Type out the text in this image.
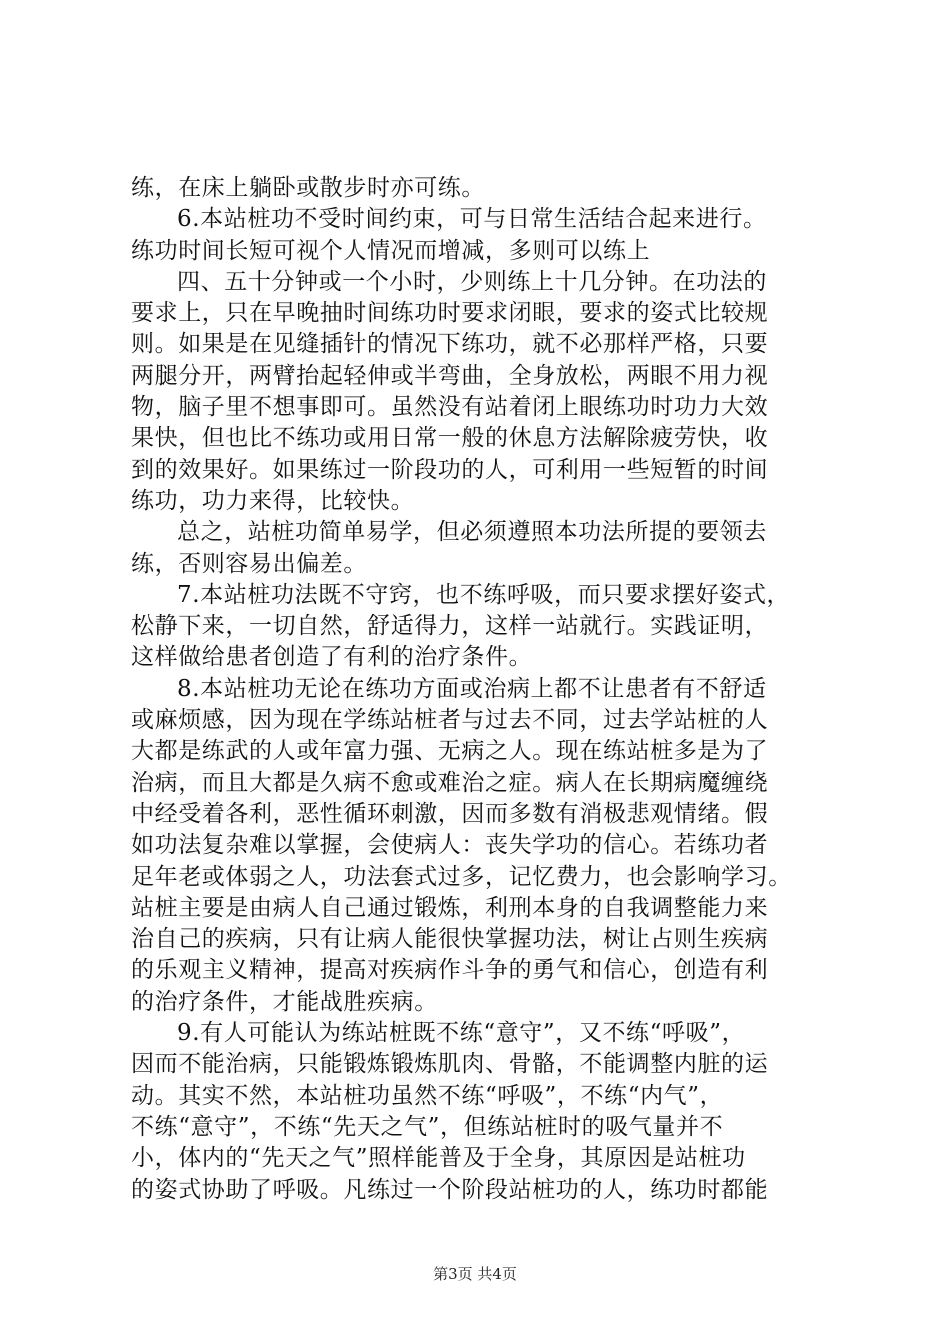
练，在床上躺卧或散步时亦可练。
6.本站桩功不受时间约束，可与日常生活结合起来进行。
练功时间长短可视个人情况而增减，多则可以练上
四、五十分钟或一个小时，少则练上十几分钟。在功法的
要求上，只在早晚抽时间练功时要求闭眼，要求的姿式比较规
则。如果是在见缝插针的情况下练功，就不必那样严格，只要
两腿分开，两臂抬起轻伸或半弯曲，全身放松，两眼不用力视
物，脑子里不想事即可。虽然没有站着闭上眼练功时功力大效
果快，但也比不练功或用日常一般的休息方法解除疲劳快，收
到的效果好。如果练过一阶段功的人，可利用一些短暂的时间
练功，功力来得，比较快。
总之，站桩功简单易学，但必须遵照本功法所提的要领去
练，否则容易出偏差。
7.本站桩功法既不守窍，也不练呼吸，而只要求摆好姿式，
松静下来，一切自然，舒适得力，这样一站就行。实践证明，
这样做给患者创造了有利的治疗条件。
8.本站桩功无论在练功方面或治病上都不让患者有不舒适
或麻烦感，因为现在学练站桩者与过去不同，过去学站桩的人
大都是练武的人或年富力强、无病之人。现在练站桩多是为了
治病，而且大都是久病不愈或难治之症。病人在长期病魔缠绕
中经受着各利，恶性循环刺激，因而多数有消极悲观情绪。假
如功法复杂难以掌握，会使病人：丧失学功的信心。若练功者
足年老或体弱之人，功法套式过多，记忆费力，也会影响学习。
站桩主要是由病人自己通过锻炼，利刑本身的自我调整能力来
治自己的疾病，只有让病人能很快掌握功法，树让占则生疾病
的乐观主义精神，提高对疾病作斗争的勇气和信心，创造有利
的治疗条件，才能战胜疾病。
9.有人可能认为练站桩既不练“意守”，又不练“呼吸”，
因而不能治病，只能锻炼锻炼肌肉、骨骼，不能调整内脏的运
动。其实不然，本站桩功虽然不练“呼吸”，不练“内气”，
不练“意守”，不练“先天之气”，但练站桩时的吸气量并不
小，体内的“先天之气”照样能普及于全身，其原因是站桩功
的姿式协助了呼吸。凡练过一个阶段站桩功的人，练功时都能
第3页 共4页
